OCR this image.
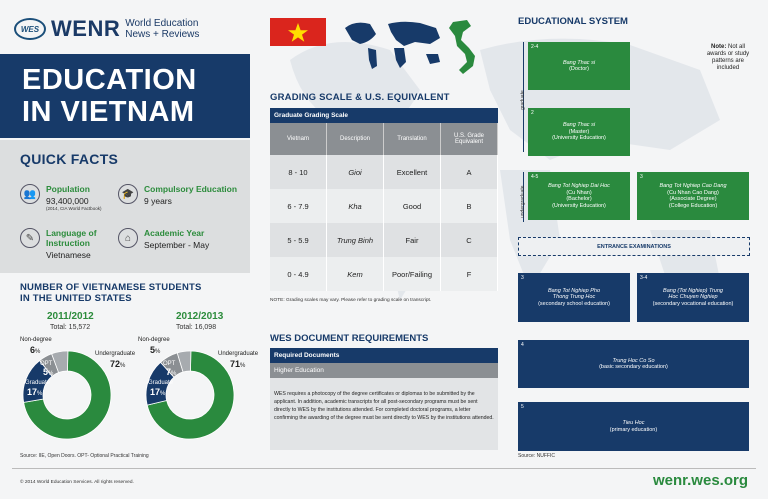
WES WENR World Education
News + Reviews
EDUCATION
IN VIETNAM
QUICK FACTS
👥	Population
93,400,000
(2014, CIA World Factbook)
🎓	Compulsory Education
9 years
✎	Language of
Instruction
Vietnamese
⌂	Academic Year
September - May
NUMBER OF VIETNAMESE STUDENTS
IN THE UNITED STATES
2011/2012
Total: 15,572
2012/2013
Total: 16,098
Non-degree
6%	Undergraduate
72%
OPT
5%
Graduate
17%
Non-degree
5%	Undergraduate
71%
OPT
7%
Graduate
17%
Source: IIE, Open Doors. OPT- Optional Practical Training
GRADING SCALE & U.S. EQUIVALENT
Graduate Grading Scale
Vietnam	Description	Translation	U.S. Grade Equivalent
8 - 10	Gioi	Excellent	A
6 - 7.9	Kha	Good	B
5 - 5.9	Trung Binh	Fair	C
0 - 4.9	Kem	Poor/Failing	F
NOTE: Grading scales may vary. Please refer to grading scale on transcript.
WES DOCUMENT REQUIREMENTS
Required Documents
Higher Education
WES requires a photocopy of the degree certificates or diplomas to be submitted by the applicant. In addition, academic transcripts for all post-secondary programs must be sent directly to WES by the institutions attended. For completed doctoral programs, a letter confirming the awarding of the degree must be sent directly to WES by the institutions attended.
EDUCATIONAL SYSTEM
Note: Not all awards or study patterns are included
graduate
undergraduate
2-4
Bang Thac si
(Doctor)
2
Bang Thac si
(Master)
(University Education)
4-5
Bang Tot Nghiep Dai Hoc
(Cu Nhan)
(Bachelor)
(University Education)
3
Bang Tot Nghiep Cao Dang
(Cu Nhan Cao Dang)
(Associate Degree)
(College Education)
ENTRANCE EXAMINATIONS
3
Bang Tot Nghiep Pho
Thong Trung Hoc
(secondary school education)
3-4
Bang (Tot Nghiep) Trung
Hoc Chuyen Nghiep
(secondary vocational education)
4
Trung Hoc Co So
(basic secondary education)
5
Tieu Hoc
(primary education)
Source: NUFFIC
© 2014 World Education Services. All rights reserved.	wenr.wes.org
